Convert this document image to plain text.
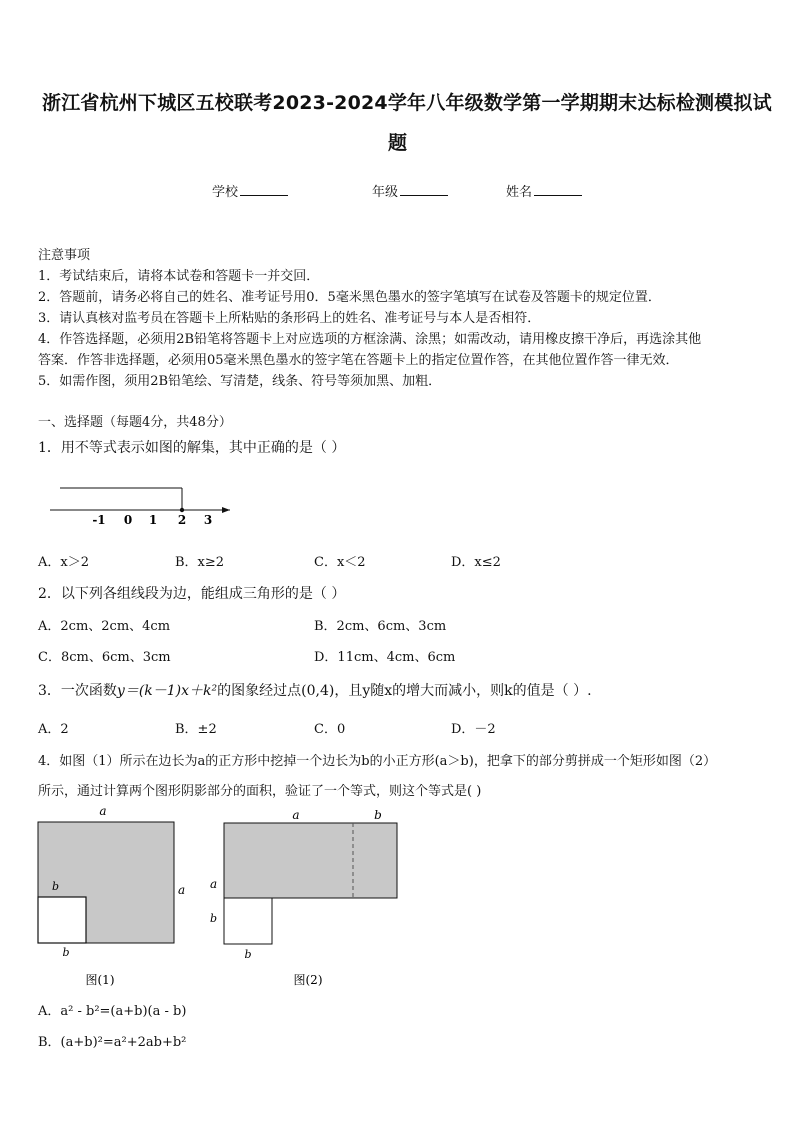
浙江省杭州下城区五校联考2023-2024学年八年级数学第一学期期末达标检测模拟试
题
学校	年级	姓名
注意事项
1．考试结束后，请将本试卷和答题卡一并交回．
2．答题前，请务必将自己的姓名、准考证号用0．5毫米黑色墨水的签字笔填写在试卷及答题卡的规定位置．
3．请认真核对监考员在答题卡上所粘贴的条形码上的姓名、准考证号与本人是否相符．
4．作答选择题，必须用2B铅笔将答题卡上对应选项的方框涂满、涂黑；如需改动，请用橡皮擦干净后，再选涂其他
答案．作答非选择题，必须用05毫米黑色墨水的签字笔在答题卡上的指定位置作答，在其他位置作答一律无效．
5．如需作图，须用2B铅笔绘、写清楚，线条、符号等须加黑、加粗．
一、选择题（每题4分，共48分）
1．用不等式表示如图的解集，其中正确的是（ ）
-1 0 1 2 3
A．x＞2	B．x≥2	C．x＜2	D．x≤2
2．以下列各组线段为边，能组成三角形的是（ ）
A．2cm、2cm、4cm	B．2cm、6cm、3cm
C．8cm、6cm、3cm	D．11cm、4cm、6cm
3．一次函数y＝(k－1)x＋k²的图象经过点(0,4)，且y随x的增大而减小，则k的值是（ ）.
A．2	B．±2	C．0	D．－2
4．如图（1）所示在边长为a的正方形中挖掉一个边长为b的小正方形(a＞b)，把拿下的部分剪拼成一个矩形如图（2）
所示，通过计算两个图形阴影部分的面积，验证了一个等式，则这个等式是( )
a
a
b
b
图(1)
a	b
a
b
b
图(2)
A．a² - b²=(a+b)(a - b)
B．(a+b)²=a²+2ab+b²
